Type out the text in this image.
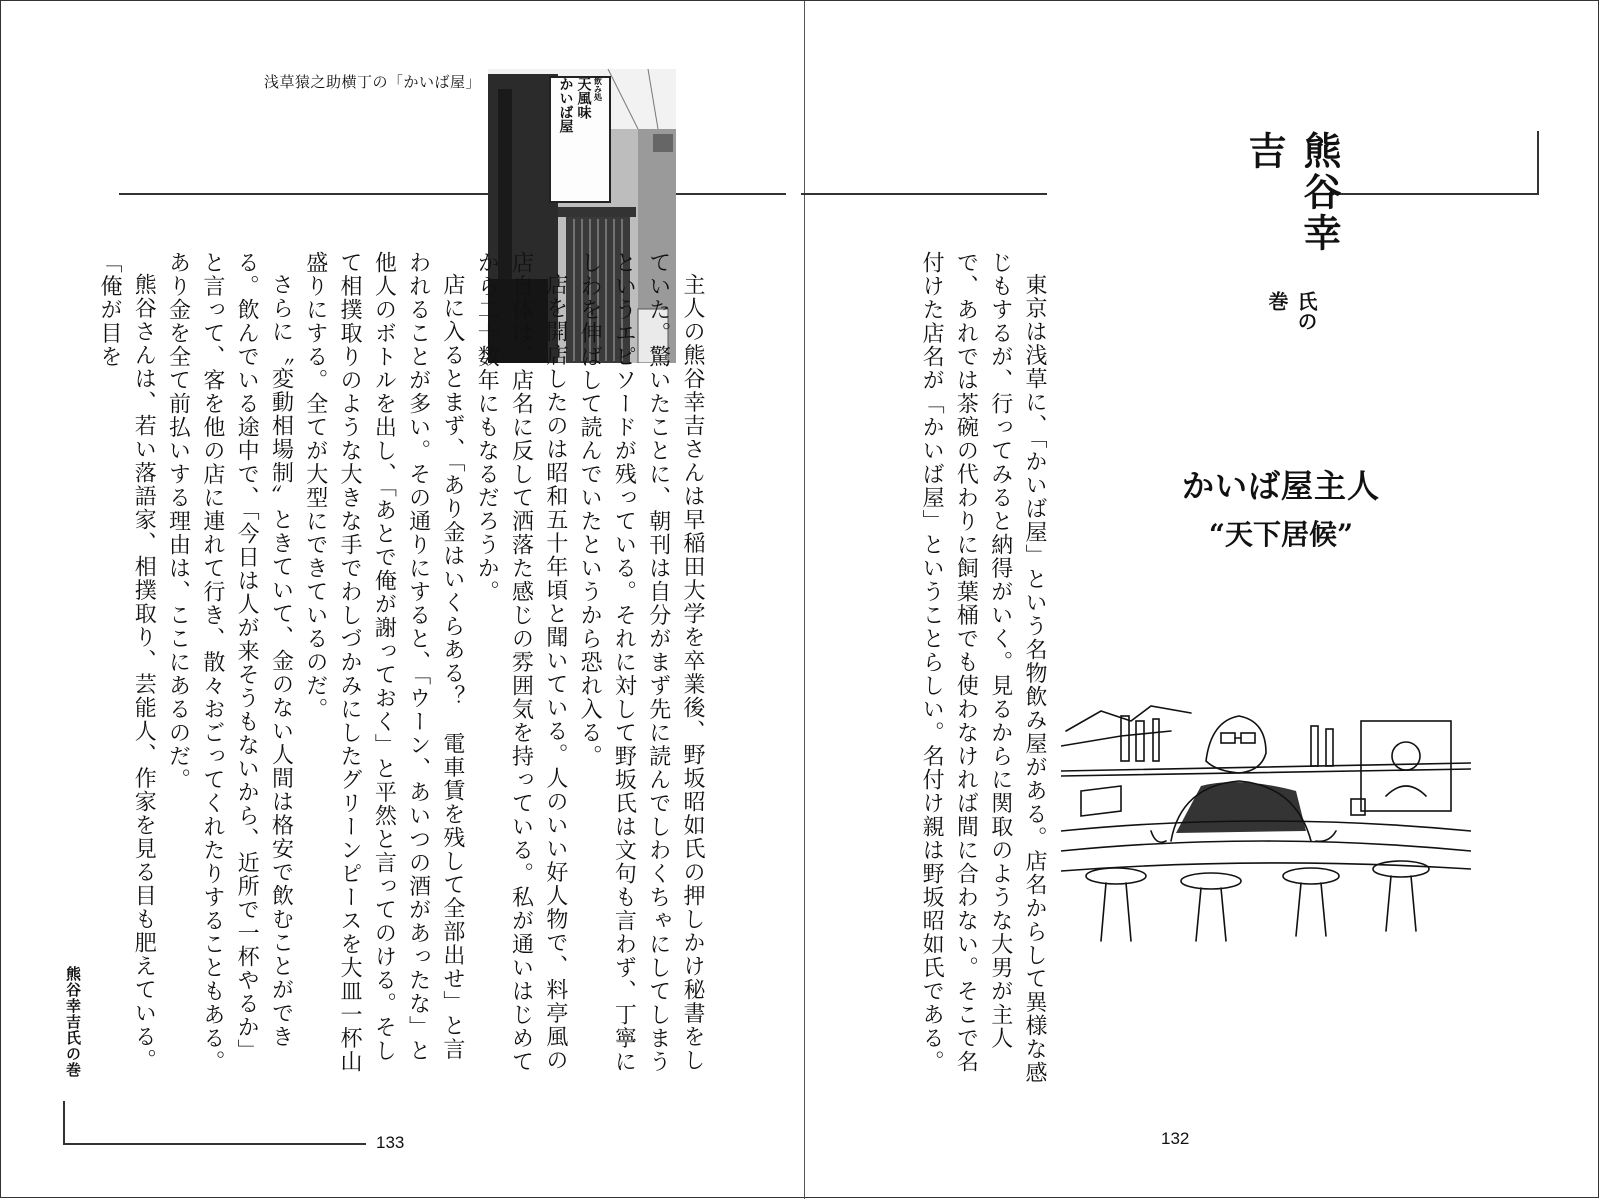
浅草猿之助横丁の「かいば屋」	飲み処
天風味
かいば屋

主人の熊谷幸吉さんは早稲田大学を卒業後、野坂昭如氏の押しかけ秘書をしていた。驚いたことに、朝刊は自分がまず先に読んでしわくちゃにしてしまうというエピソードが残っている。それに対して野坂氏は文句も言わず、丁寧にしわを伸ばして読んでいたというから恐れ入る。

店を開店したのは昭和五十年頃と聞いている。人のいい好人物で、料亭風の店自体は、店名に反して洒落た感じの雰囲気を持っている。私が通いはじめてから二十数年にもなるだろうか。

店に入るとまず、「あり金はいくらある？　電車賃を残して全部出せ」と言われることが多い。その通りにすると、「ウーン、あいつの酒があったな」と他人のボトルを出し、「あとで俺が謝っておく」と平然と言ってのける。そして相撲取りのような大きな手でわしづかみにしたグリーンピースを大皿一杯山盛りにする。全てが大型にできているのだ。

さらに〝変動相場制〟ときていて、金のない人間は格安で飲むことができる。飲んでいる途中で、「今日は人が来そうもないから、近所で一杯やるか」と言って、客を他の店に連れて行き、散々おごってくれたりすることもある。あり金を全て前払いする理由は、ここにあるのだ。

熊谷さんは、若い落語家、相撲取り、芸能人、作家を見る目も肥えている。「俺が目を

熊谷幸吉氏の巻
133
熊谷幸吉
氏の巻

東京は浅草に、「かいば屋」という名物飲み屋がある。店名からして異様な感じもするが、行ってみると納得がいく。見るからに関取のような大男が主人で、あれでは茶碗の代わりに飼葉桶でも使わなければ間に合わない。そこで名付けた店名が「かいば屋」ということらしい。名付け親は野坂昭如氏である。	かいば屋主人
“天下居候”
132
